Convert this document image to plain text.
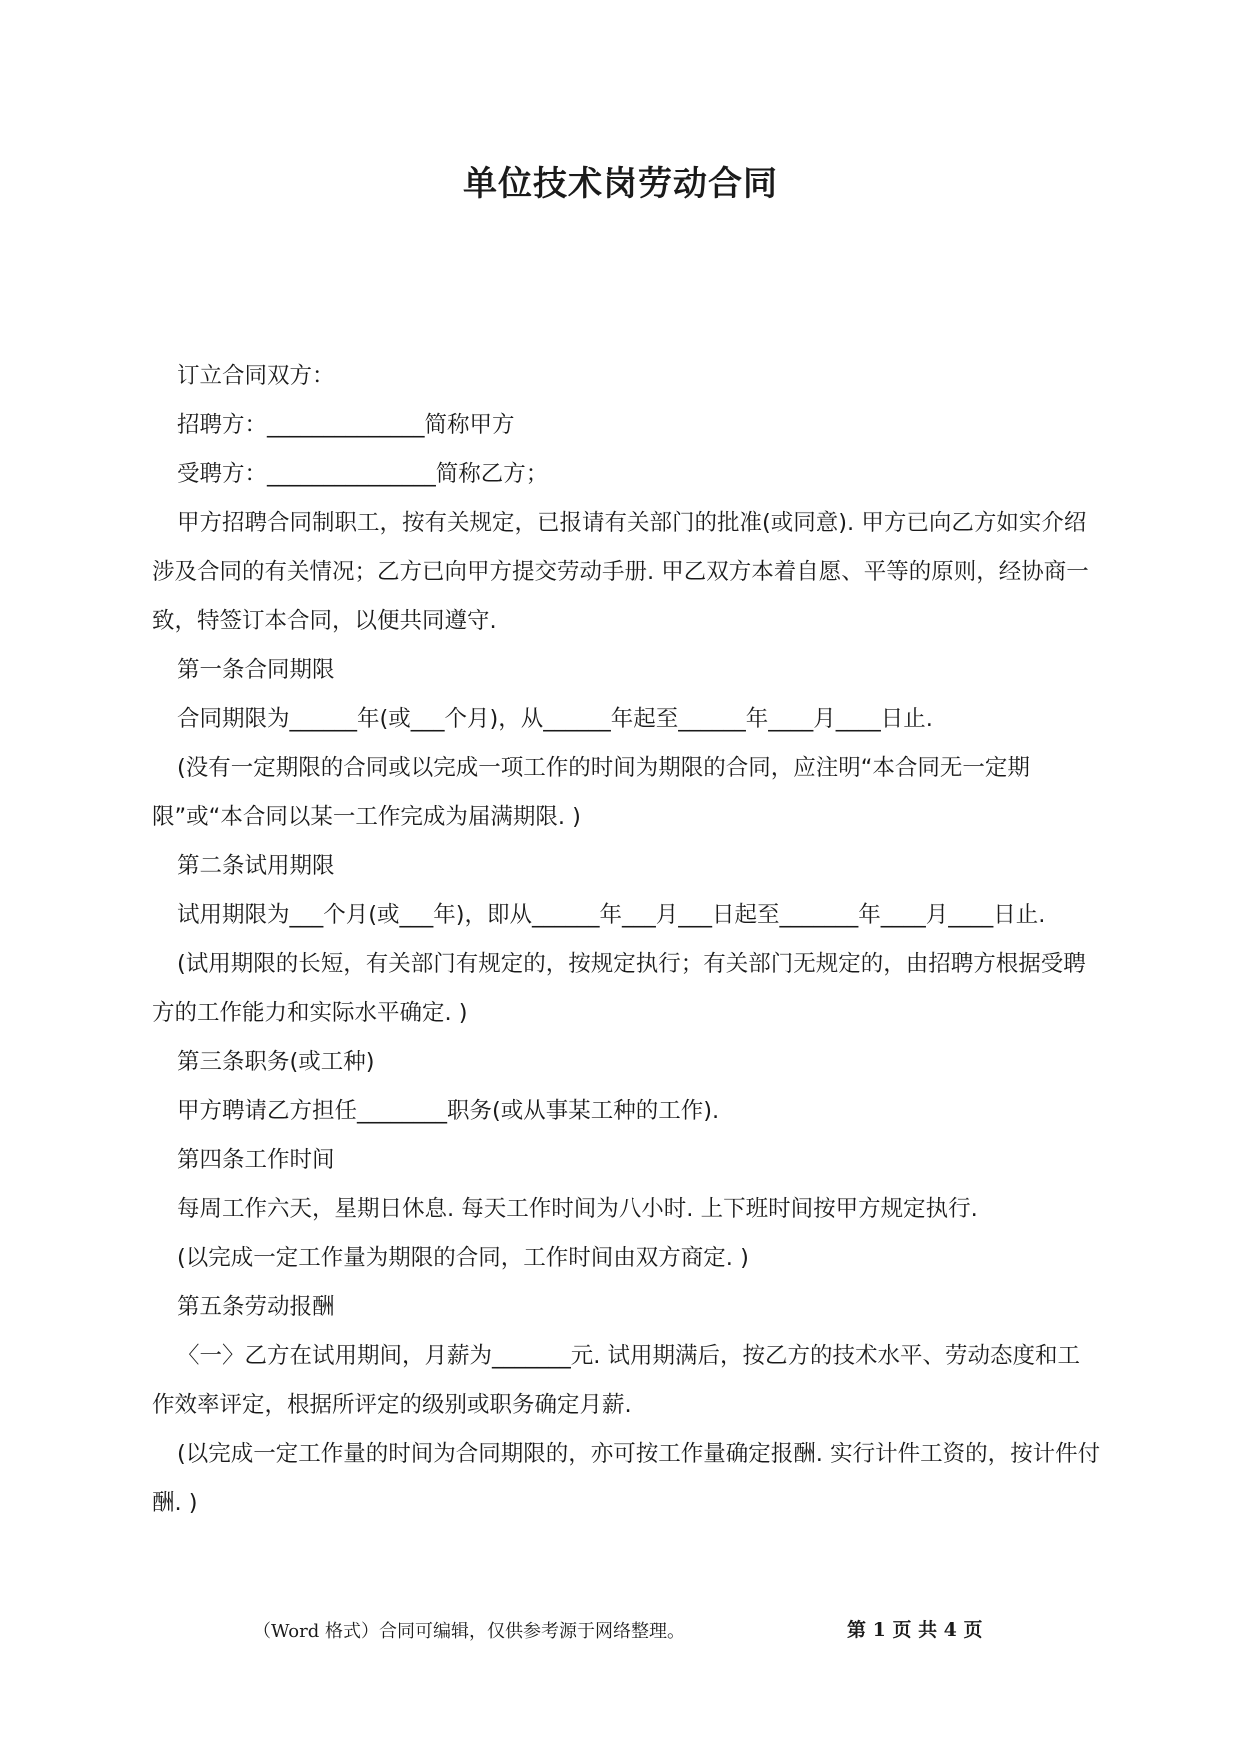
单位技术岗劳动合同

订立合同双方：

招聘方：______________简称甲方

受聘方：_______________简称乙方；

甲方招聘合同制职工，按有关规定，已报请有关部门的批准(或同意). 甲方已向乙方如实介绍涉及合同的有关情况；乙方已向甲方提交劳动手册. 甲乙双方本着自愿、平等的原则，经协商一致，特签订本合同，以便共同遵守.

第一条合同期限

合同期限为______年(或___个月)，从______年起至______年____月____日止.

(没有一定期限的合同或以完成一项工作的时间为期限的合同，应注明“本合同无一定期限”或“本合同以某一工作完成为届满期限. )

第二条试用期限

试用期限为___个月(或___年)，即从______年___月___日起至_______年____月____日止.

(试用期限的长短，有关部门有规定的，按规定执行；有关部门无规定的，由招聘方根据受聘方的工作能力和实际水平确定. )

第三条职务(或工种)

甲方聘请乙方担任________职务(或从事某工种的工作).

第四条工作时间

每周工作六天，星期日休息. 每天工作时间为八小时. 上下班时间按甲方规定执行.

(以完成一定工作量为期限的合同，工作时间由双方商定. )

第五条劳动报酬

〈一〉乙方在试用期间，月薪为_______元. 试用期满后，按乙方的技术水平、劳动态度和工作效率评定，根据所评定的级别或职务确定月薪.

(以完成一定工作量的时间为合同期限的，亦可按工作量确定报酬. 实行计件工资的，按计件付酬. )

（Word 格式）合同可编辑，仅供参考源于网络整理。	第 1 页 共 4 页
